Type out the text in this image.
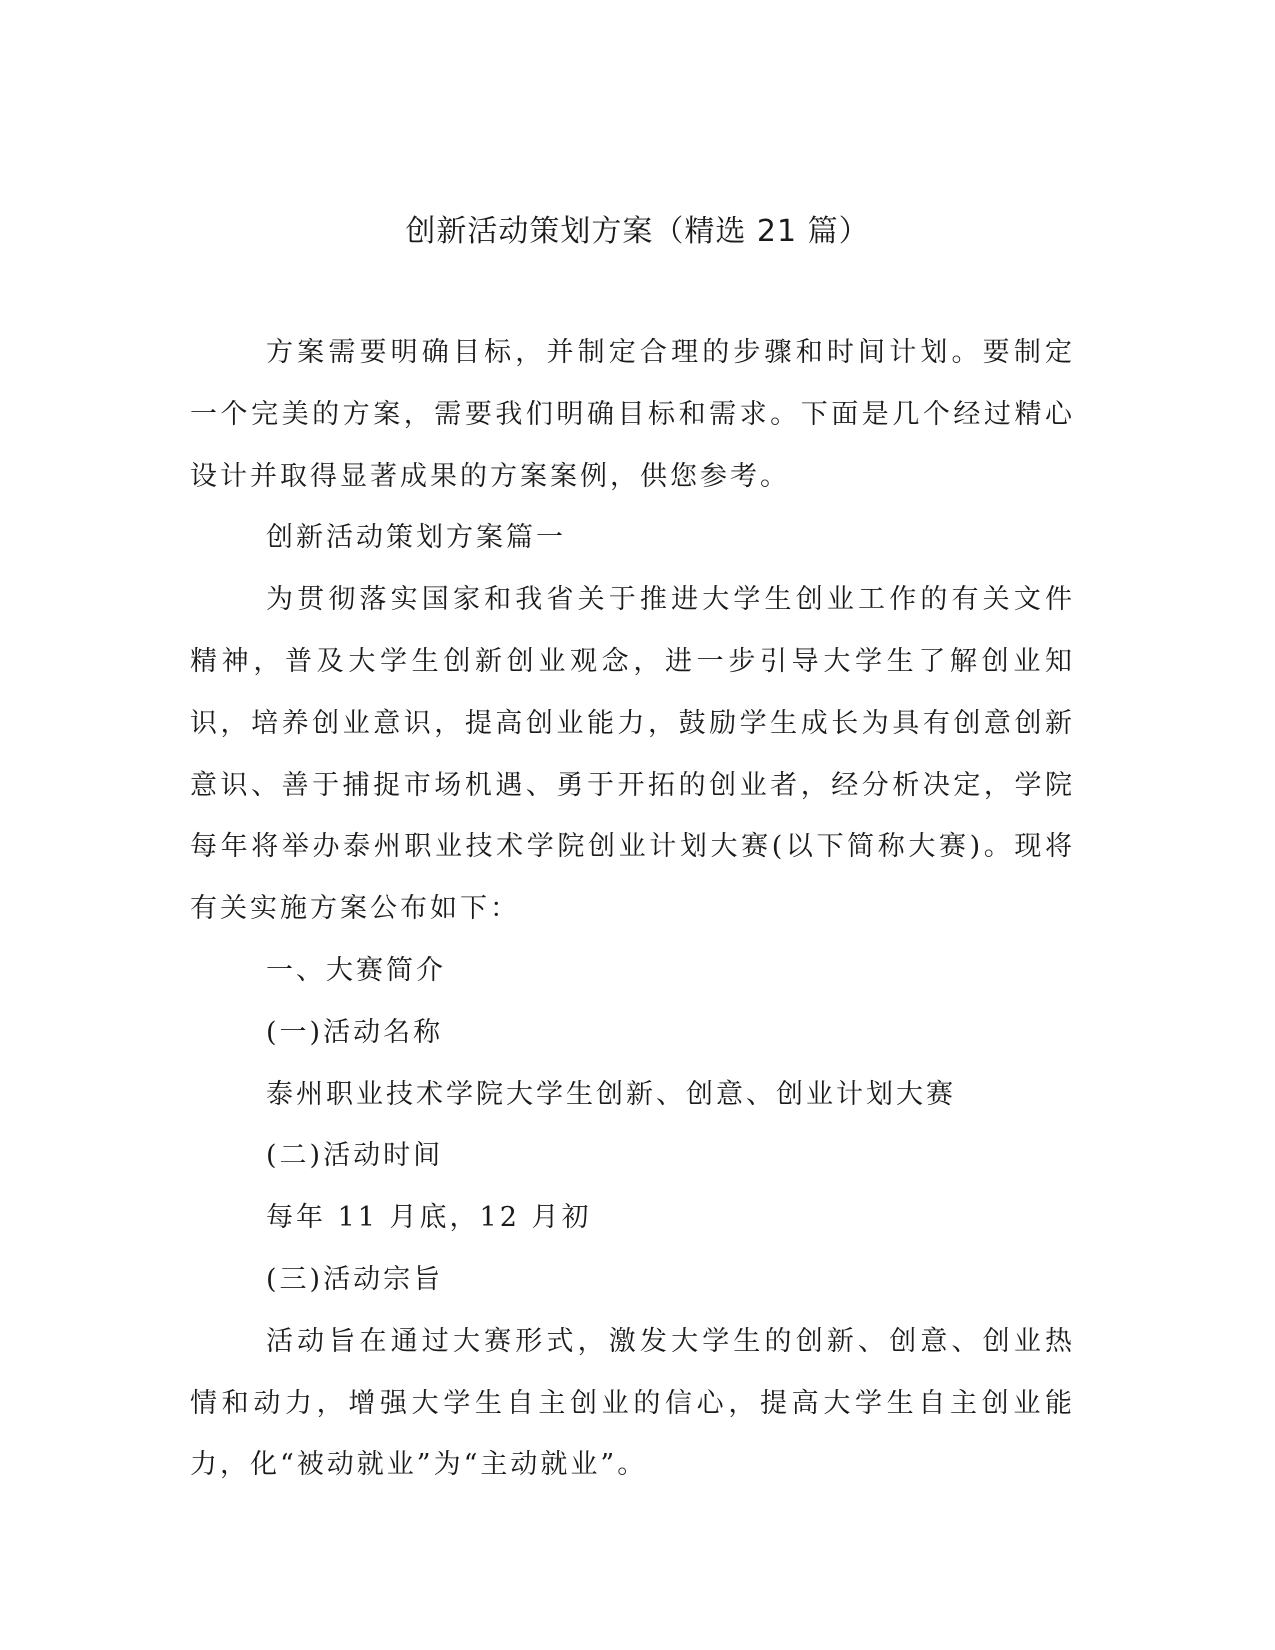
创新活动策划方案（精选 21 篇）

方案需要明确目标，并制定合理的步骤和时间计划。要制定一个完美的方案，需要我们明确目标和需求。下面是几个经过精心设计并取得显著成果的方案案例，供您参考。

创新活动策划方案篇一

为贯彻落实国家和我省关于推进大学生创业工作的有关文件精神，普及大学生创新创业观念，进一步引导大学生了解创业知识，培养创业意识，提高创业能力，鼓励学生成长为具有创意创新意识、善于捕捉市场机遇、勇于开拓的创业者，经分析决定，学院每年将举办泰州职业技术学院创业计划大赛(以下简称大赛)。现将有关实施方案公布如下：

一、大赛简介

(一)活动名称

泰州职业技术学院大学生创新、创意、创业计划大赛

(二)活动时间

每年 11 月底，12 月初

(三)活动宗旨

活动旨在通过大赛形式，激发大学生的创新、创意、创业热情和动力，增强大学生自主创业的信心，提高大学生自主创业能力，化“被动就业”为“主动就业”。
